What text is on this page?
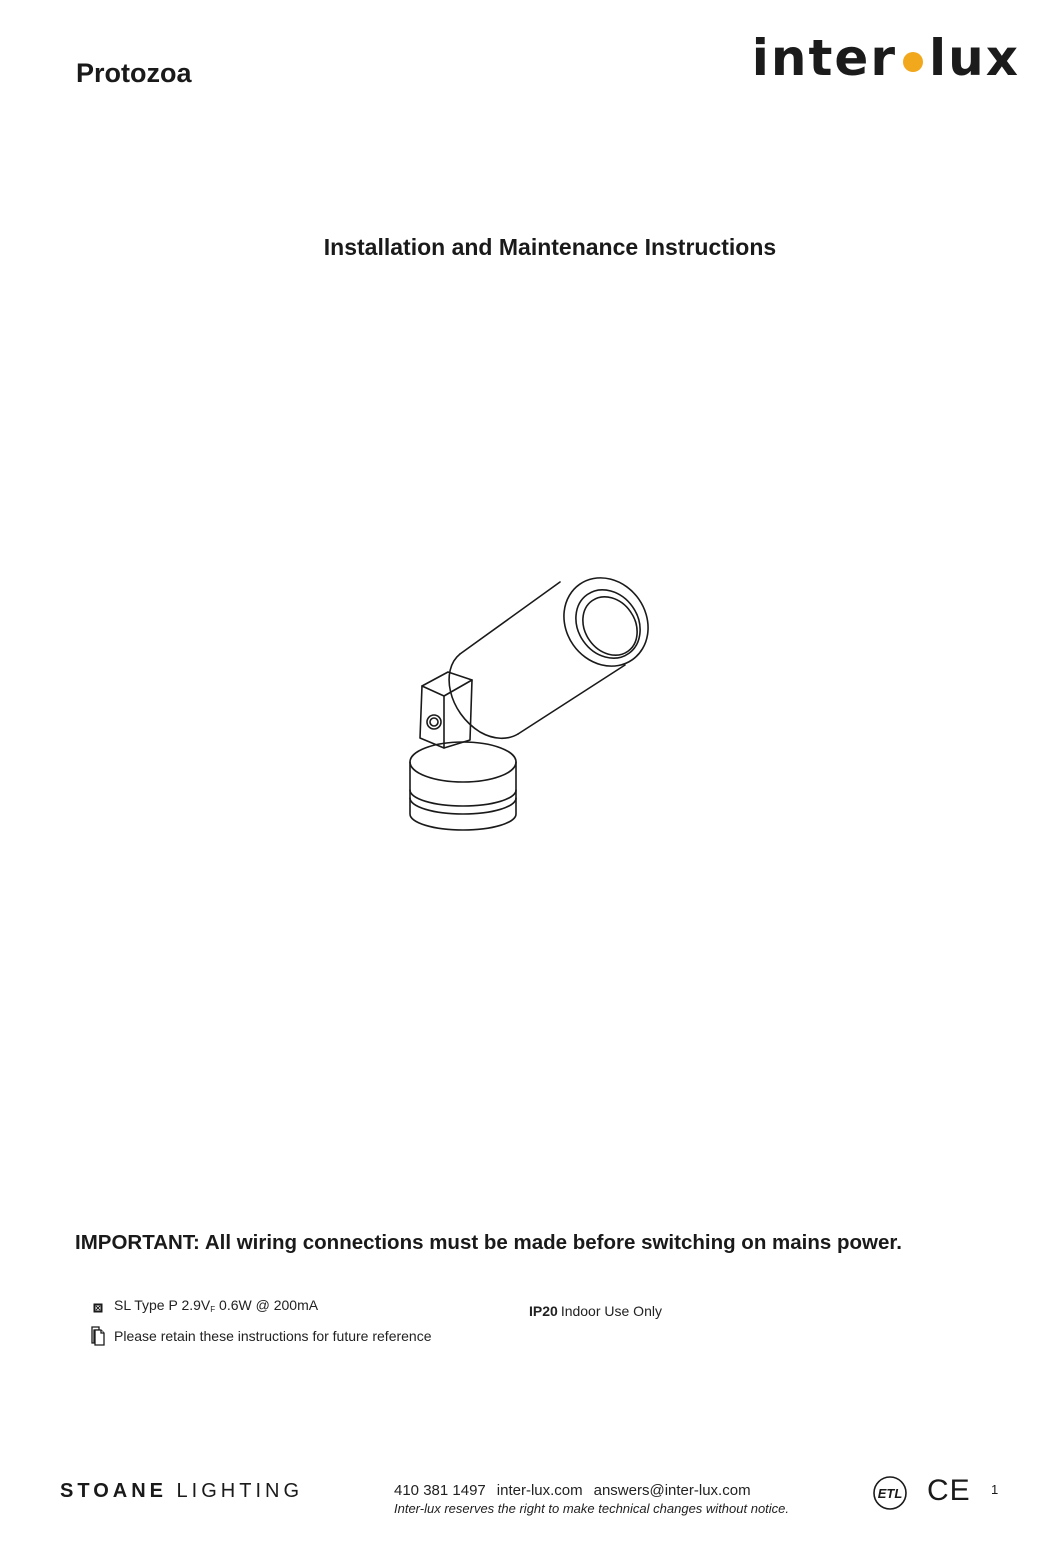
Protozoa	inter lux
Installation and Maintenance Instructions
IMPORTANT: All wiring connections must be made before switching on mains power.
SL Type P $2.9V_F$ 0.6W @ 200mA
Please retain these instructions for future reference
IP20 Indoor Use Only
STOANE LIGHTING	410 381 1497 inter-lux.com answers@inter-lux.com
Inter-lux reserves the right to make technical changes without notice.
ETL CE 1
